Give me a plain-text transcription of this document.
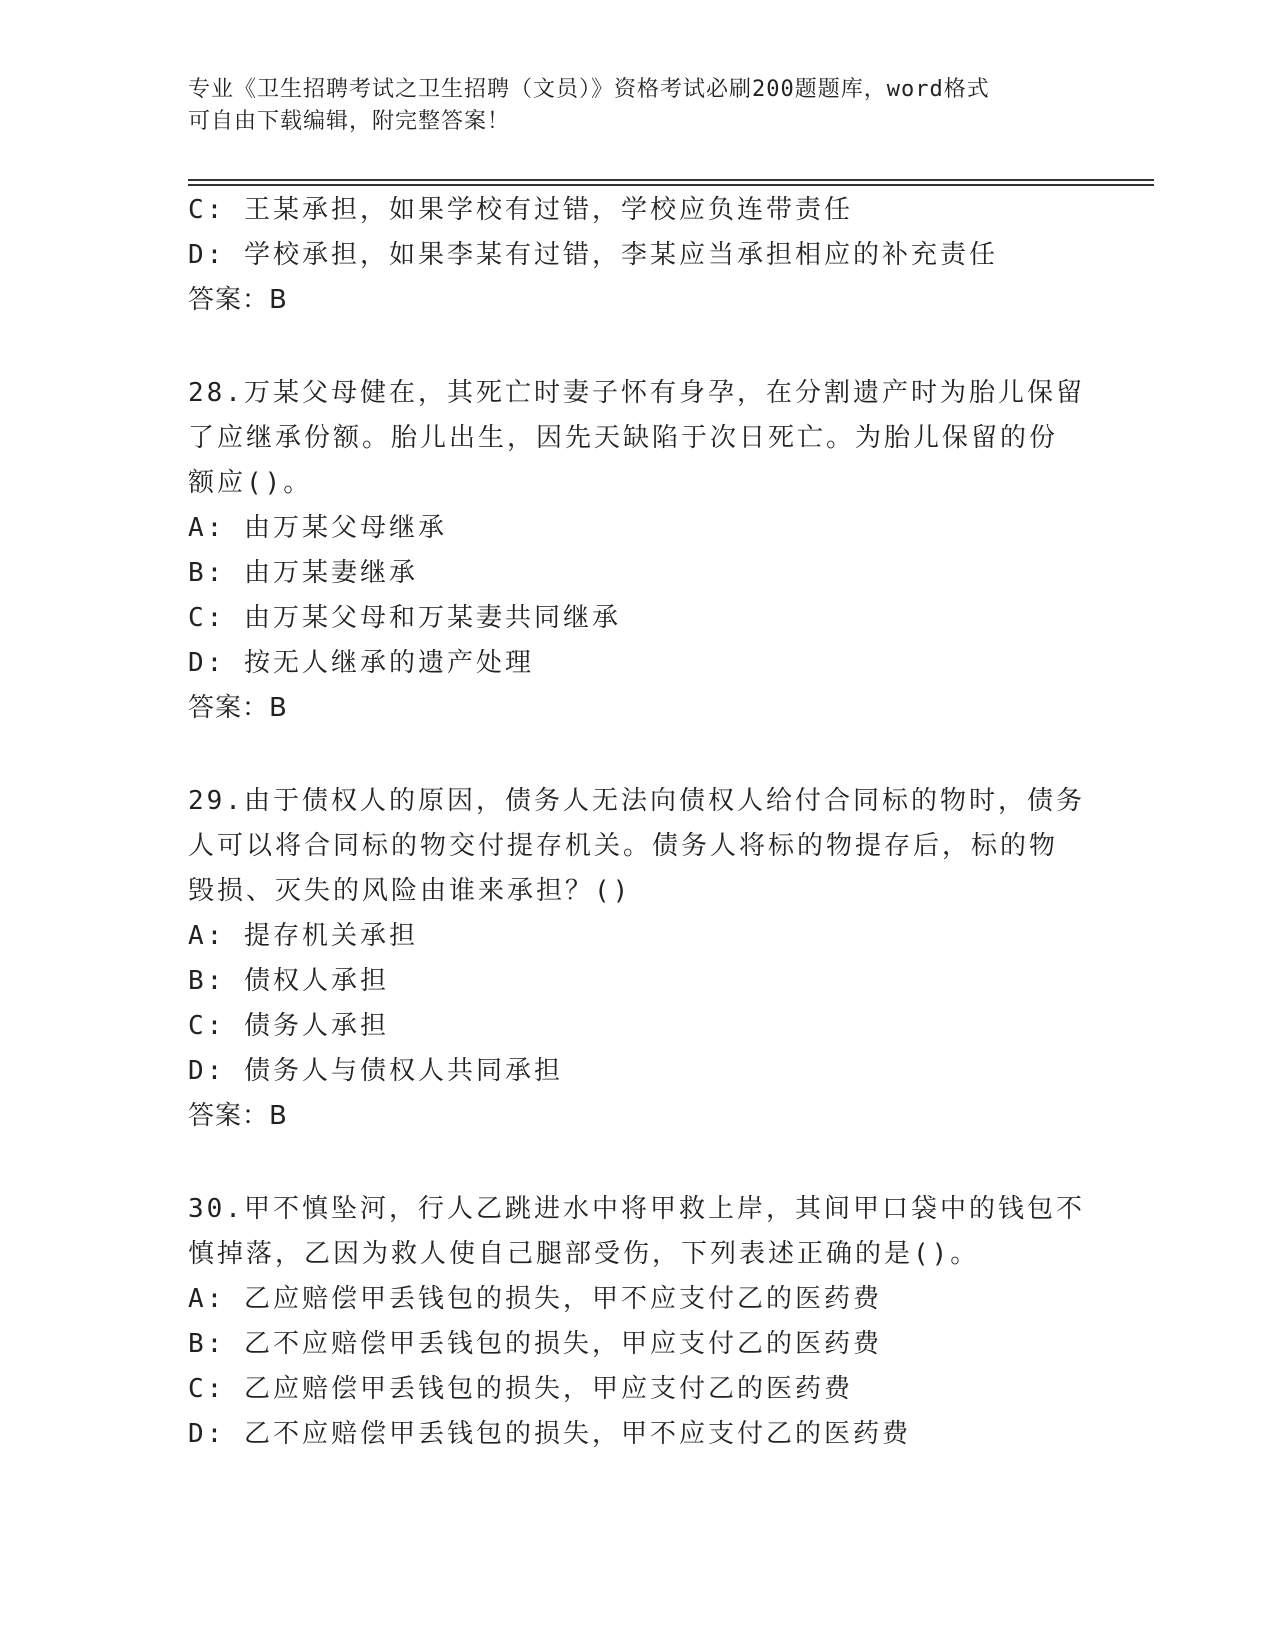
专业《卫生招聘考试之卫生招聘（文员）》资格考试必刷200题题库，word格式
可自由下载编辑，附完整答案！
C: 王某承担，如果学校有过错，学校应负连带责任
D: 学校承担，如果李某有过错，李某应当承担相应的补充责任
答案：B
28.万某父母健在，其死亡时妻子怀有身孕，在分割遗产时为胎儿保留
了应继承份额。胎儿出生，因先天缺陷于次日死亡。为胎儿保留的份
额应()。
A: 由万某父母继承
B: 由万某妻继承
C: 由万某父母和万某妻共同继承
D: 按无人继承的遗产处理
答案：B
29.由于债权人的原因，债务人无法向债权人给付合同标的物时，债务
人可以将合同标的物交付提存机关。债务人将标的物提存后，标的物
毁损、灭失的风险由谁来承担？()
A: 提存机关承担
B: 债权人承担
C: 债务人承担
D: 债务人与债权人共同承担
答案：B
30.甲不慎坠河，行人乙跳进水中将甲救上岸，其间甲口袋中的钱包不
慎掉落，乙因为救人使自己腿部受伤，下列表述正确的是()。
A: 乙应赔偿甲丢钱包的损失，甲不应支付乙的医药费
B: 乙不应赔偿甲丢钱包的损失，甲应支付乙的医药费
C: 乙应赔偿甲丢钱包的损失，甲应支付乙的医药费
D: 乙不应赔偿甲丢钱包的损失，甲不应支付乙的医药费
